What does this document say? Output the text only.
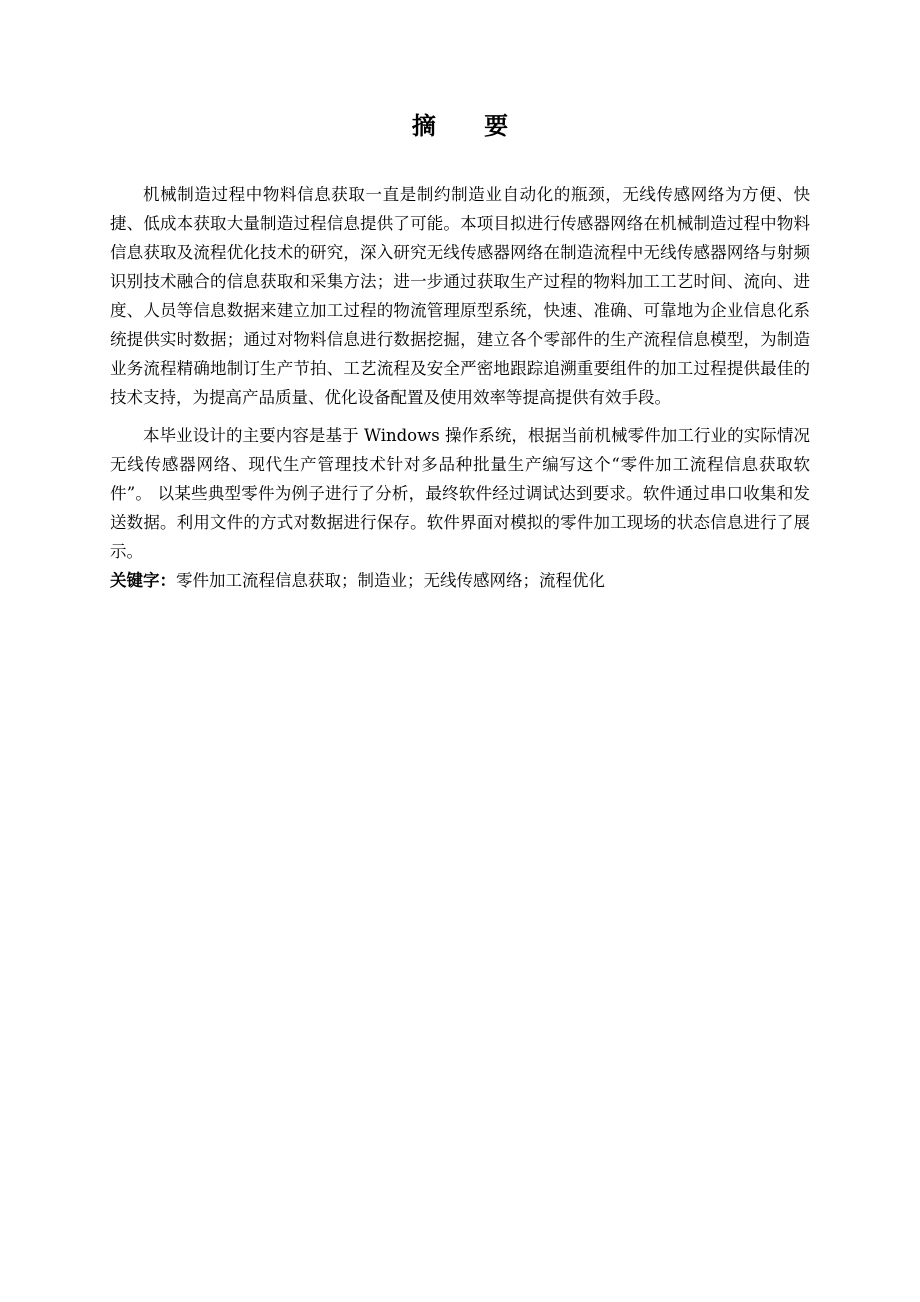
摘 要

机械制造过程中物料信息获取一直是制约制造业自动化的瓶颈，无线传感网络为方便、快捷、低成本获取大量制造过程信息提供了可能。本项目拟进行传感器网络在机械制造过程中物料信息获取及流程优化技术的研究，深入研究无线传感器网络在制造流程中无线传感器网络与射频识别技术融合的信息获取和采集方法；进一步通过获取生产过程的物料加工工艺时间、流向、进度、人员等信息数据来建立加工过程的物流管理原型系统，快速、准确、可靠地为企业信息化系统提供实时数据；通过对物料信息进行数据挖掘，建立各个零部件的生产流程信息模型，为制造业务流程精确地制订生产节拍、工艺流程及安全严密地跟踪追溯重要组件的加工过程提供最佳的技术支持，为提高产品质量、优化设备配置及使用效率等提高提供有效手段。

本毕业设计的主要内容是基于 Windows 操作系统，根据当前机械零件加工行业的实际情况无线传感器网络、现代生产管理技术针对多品种批量生产编写这个“零件加工流程信息获取软件”。 以某些典型零件为例子进行了分析，最终软件经过调试达到要求。软件通过串口收集和发送数据。利用文件的方式对数据进行保存。软件界面对模拟的零件加工现场的状态信息进行了展示。

关键字：零件加工流程信息获取；制造业；无线传感网络；流程优化
